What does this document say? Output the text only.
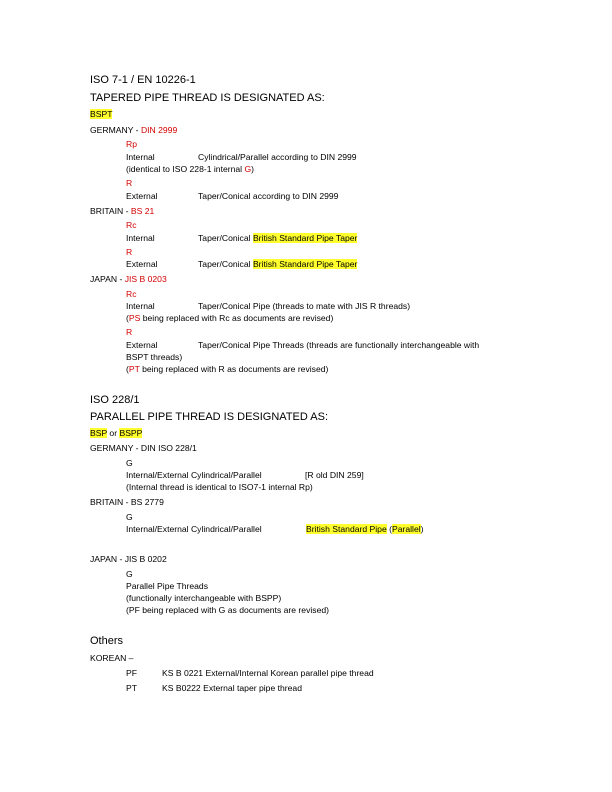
ISO 7-1 / EN 10226-1
TAPERED PIPE THREAD IS DESIGNATED AS:
BSPT
GERMANY - DIN 2999
Rp
Internal	Cylindrical/Parallel according to DIN 2999
(identical to ISO 228-1 internal G)
R
External	Taper/Conical according to DIN 2999
BRITAIN - BS 21
Rc
Internal	Taper/Conical British Standard Pipe Taper
R
External	Taper/Conical British Standard Pipe Taper
JAPAN - JIS B 0203
Rc
Internal	Taper/Conical Pipe (threads to mate with JIS R threads)
(PS being replaced with Rc as documents are revised)
R
External	Taper/Conical Pipe Threads (threads are functionally interchangeable with
BSPT threads)
(PT being replaced with R as documents are revised)
ISO 228/1
PARALLEL PIPE THREAD IS DESIGNATED AS:
BSP or BSPP
GERMANY - DIN ISO 228/1
G
Internal/External Cylindrical/Parallel	[R old DIN 259]
(Internal thread is identical to ISO7-1 internal Rp)
BRITAIN - BS 2779
G
Internal/External Cylindrical/Parallel	British Standard Pipe (Parallel)
JAPAN - JIS B 0202
G
Parallel Pipe Threads
(functionally interchangeable with BSPP)
(PF being replaced with G as documents are revised)
Others
KOREAN –
PF	KS B 0221 External/Internal Korean parallel pipe thread
PT	KS B0222 External taper pipe thread
